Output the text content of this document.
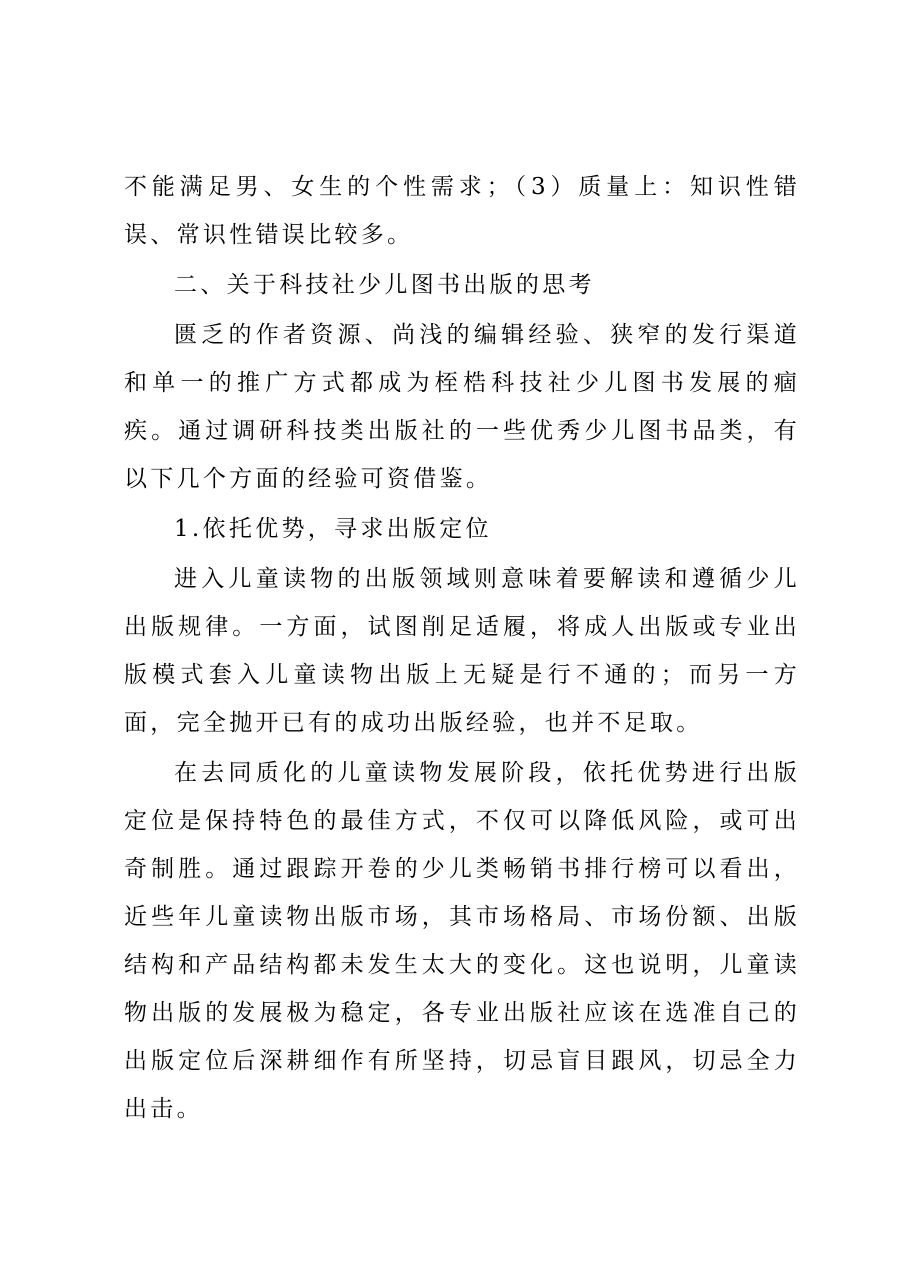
不能满足男、女生的个性需求；（3）质量上：知识性错误、常识性错误比较多。

二、关于科技社少儿图书出版的思考

匮乏的作者资源、尚浅的编辑经验、狭窄的发行渠道和单一的推广方式都成为桎梏科技社少儿图书发展的痼疾。通过调研科技类出版社的一些优秀少儿图书品类，有以下几个方面的经验可资借鉴。

1.依托优势，寻求出版定位

进入儿童读物的出版领域则意味着要解读和遵循少儿出版规律。一方面，试图削足适履，将成人出版或专业出版模式套入儿童读物出版上无疑是行不通的；而另一方面，完全抛开已有的成功出版经验，也并不足取。

在去同质化的儿童读物发展阶段，依托优势进行出版定位是保持特色的最佳方式，不仅可以降低风险，或可出奇制胜。通过跟踪开卷的少儿类畅销书排行榜可以看出，近些年儿童读物出版市场，其市场格局、市场份额、出版结构和产品结构都未发生太大的变化。这也说明，儿童读物出版的发展极为稳定，各专业出版社应该在选准自己的出版定位后深耕细作有所坚持，切忌盲目跟风，切忌全力出击。
